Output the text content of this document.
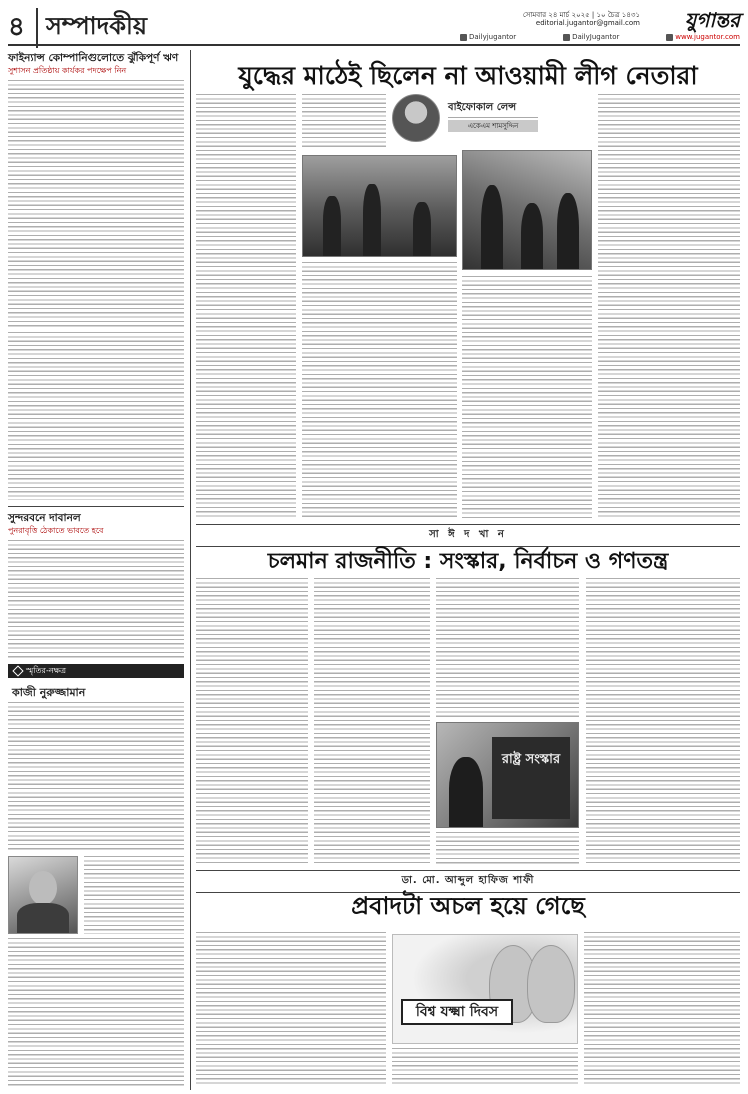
৪ সম্পাদকীয়	সোমবার ২৪ মার্চ ২০২৫ | ১০ চৈত্র ১৪৩১
editorial.jugantor@gmail.com যুগান্তর
Dailyjugantor	DailyJugantor	www.jugantor.com
ফাইন্যান্স কোম্পানিগুলোতে ঝুঁকিপূর্ণ ঋণ
সুশাসন প্রতিষ্ঠায় কার্যকর পদক্ষেপ নিন
সুন্দরবনে দাবানল
পুনরাবৃত্তি ঠেকাতে ভাবতে হবে
স্মৃতির-নক্ষত্র
কাজী নুরুজ্জামান
যুদ্ধের মাঠেই ছিলেন না আওয়ামী লীগ নেতারা
বাইফোকাল লেন্স
একেএম শামসুদ্দিন
সা ঈ দ খা ন
চলমান রাজনীতি : সংস্কার, নির্বাচন ও গণতন্ত্র
রাষ্ট্র সংস্কার
ডা. মো. আব্দুল হাফিজ শাফী
প্রবাদটা অচল হয়ে গেছে
বিশ্ব যক্ষ্মা দিবস
